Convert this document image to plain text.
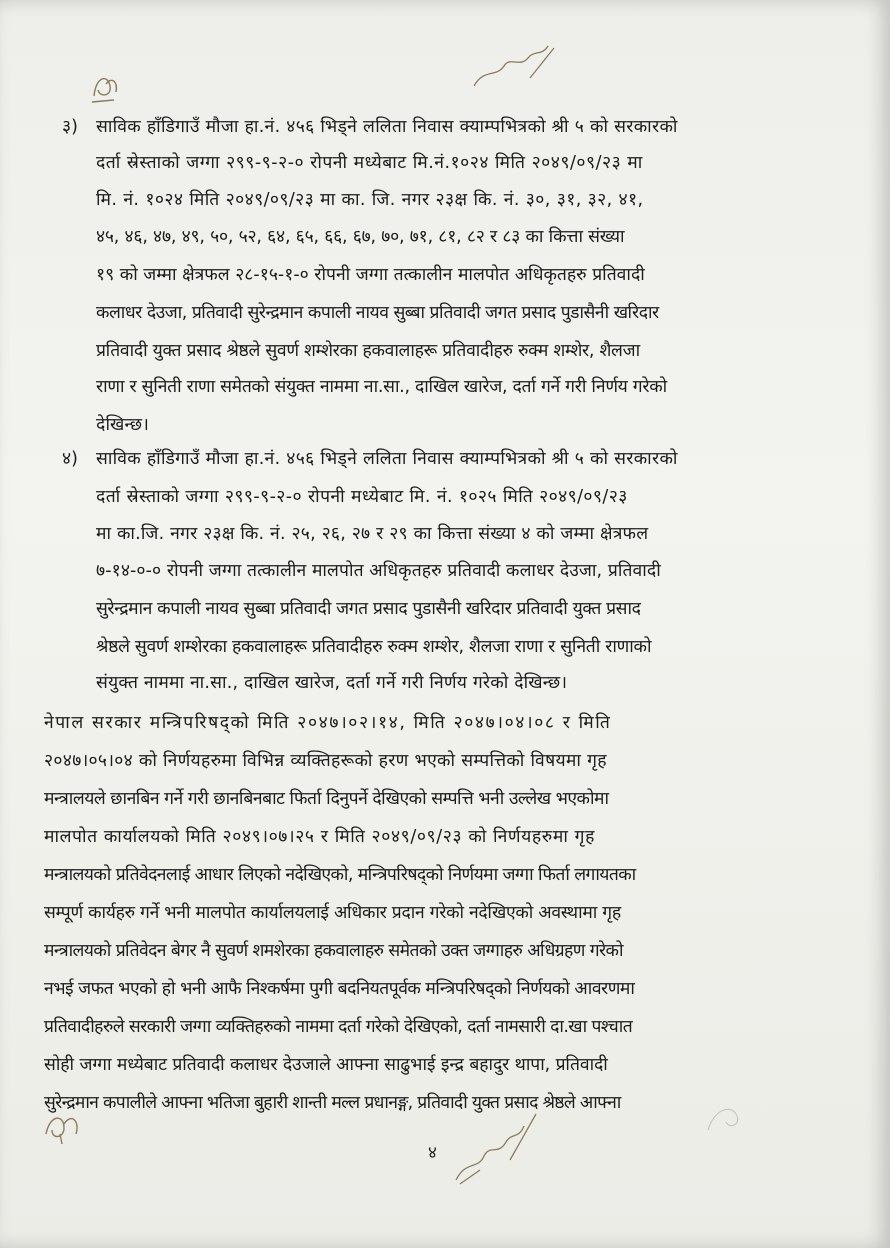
३) साविक हाँडिगाउँ मौजा हा.नं. ४५६ भिड्ने ललिता निवास क्याम्पभित्रको श्री ५ को सरकारको
दर्ता स्रेस्ताको जग्गा २९९-९-२-० रोपनी मध्येबाट मि.नं.१०२४ मिति २०४९/०९/२३ मा
मि. नं. १०२४ मिति २०४९/०९/२३ मा का. जि. नगर २३क्ष कि. नं. ३०, ३१, ३२, ४१,
४५, ४६, ४७, ४९, ५०, ५२, ६४, ६५, ६६, ६७, ७०, ७१, ८१, ८२ र ८३ का कित्ता संख्या
१९ को जम्मा क्षेत्रफल २८-१५-१-० रोपनी जग्गा तत्कालीन मालपोत अधिकृतहरु प्रतिवादी
कलाधर देउजा, प्रतिवादी सुरेन्द्रमान कपाली नायव सुब्बा प्रतिवादी जगत प्रसाद पुडासैनी खरिदार
प्रतिवादी युक्त प्रसाद श्रेष्ठले सुवर्ण शम्शेरका हकवालाहरू प्रतिवादीहरु रुक्म शम्शेर, शैलजा
राणा र सुनिती राणा समेतको संयुक्त नाममा ना.सा., दाखिल खारेज, दर्ता गर्ने गरी निर्णय गरेको
देखिन्छ।
४) साविक हाँडिगाउँ मौजा हा.नं. ४५६ भिड्ने ललिता निवास क्याम्पभित्रको श्री ५ को सरकारको
दर्ता स्रेस्ताको जग्गा २९९-९-२-० रोपनी मध्येबाट मि. नं. १०२५ मिति २०४९/०९/२३
मा का.जि. नगर २३क्ष कि. नं. २५, २६, २७ र २९ का कित्ता संख्या ४ को जम्मा क्षेत्रफल
७-१४-०-० रोपनी जग्गा तत्कालीन मालपोत अधिकृतहरु प्रतिवादी कलाधर देउजा, प्रतिवादी
सुरेन्द्रमान कपाली नायव सुब्बा प्रतिवादी जगत प्रसाद पुडासैनी खरिदार प्रतिवादी युक्त प्रसाद
श्रेष्ठले सुवर्ण शम्शेरका हकवालाहरू प्रतिवादीहरु रुक्म शम्शेर, शैलजा राणा र सुनिती राणाको
संयुक्त नाममा ना.सा., दाखिल खारेज, दर्ता गर्ने गरी निर्णय गरेको देखिन्छ।
नेपाल सरकार मन्त्रिपरिषद्को मिति २०४७।०२।१४, मिति २०४७।०४।०८ र मिति
२०४७।०५।०४ को निर्णयहरुमा विभिन्न व्यक्तिहरूको हरण भएको सम्पत्तिको विषयमा गृह
मन्त्रालयले छानबिन गर्ने गरी छानबिनबाट फिर्ता दिनुपर्ने देखिएको सम्पत्ति भनी उल्लेख भएकोमा
मालपोत कार्यालयको मिति २०४९।०७।२५ र मिति २०४९/०९/२३ को निर्णयहरुमा गृह
मन्त्रालयको प्रतिवेदनलाई आधार लिएको नदेखिएको, मन्त्रिपरिषद्को निर्णयमा जग्गा फिर्ता लगायतका
सम्पूर्ण कार्यहरु गर्ने भनी मालपोत कार्यालयलाई अधिकार प्रदान गरेको नदेखिएको अवस्थामा गृह
मन्त्रालयको प्रतिवेदन बेगर नै सुवर्ण शमशेरका हकवालाहरु समेतको उक्त जग्गाहरु अधिग्रहण गरेको
नभई जफत भएको हो भनी आफै निश्कर्षमा पुगी बदनियतपूर्वक मन्त्रिपरिषद्को निर्णयको आवरणमा
प्रतिवादीहरुले सरकारी जग्गा व्यक्तिहरुको नाममा दर्ता गरेको देखिएको, दर्ता नामसारी दा.खा पश्चात
सोही जग्गा मध्येबाट प्रतिवादी कलाधर देउजाले आफ्ना साढुभाई इन्द्र बहादुर थापा, प्रतिवादी
सुरेन्द्रमान कपालीले आफ्ना भतिजा बुहारी शान्ती मल्ल प्रधानङ्ग, प्रतिवादी युक्त प्रसाद श्रेष्ठले आफ्ना
४
